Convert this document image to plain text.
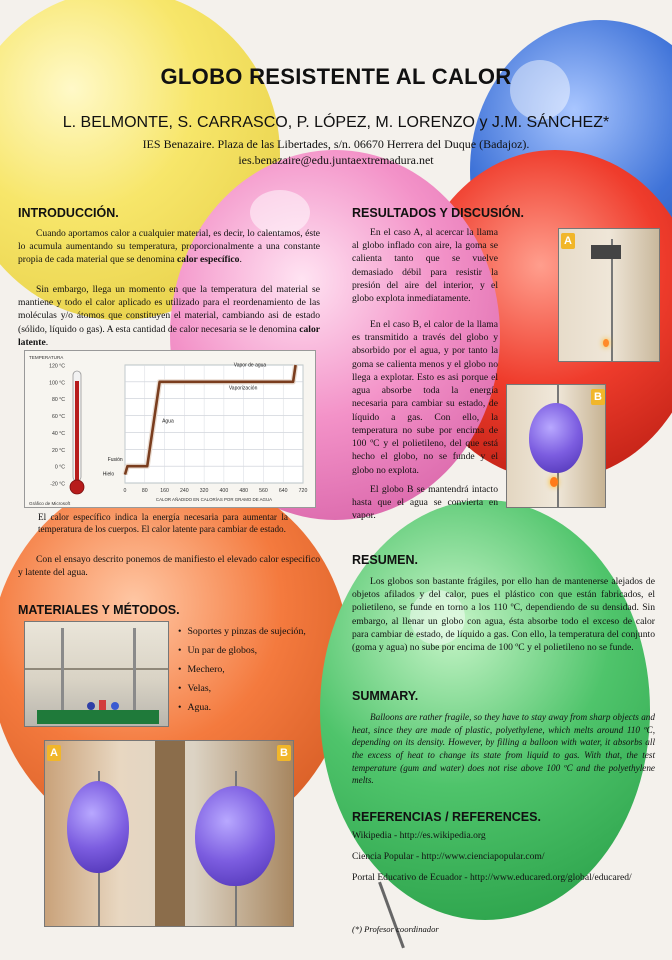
GLOBO RESISTENTE AL CALOR
L. BELMONTE, S. CARRASCO, P. LÓPEZ, M. LORENZO y J.M. SÁNCHEZ*
IES Benazaire. Plaza de las Libertades, s/n. 06670 Herrera del Duque (Badajoz).
ies.benazaire@edu.juntaextremadura.net
INTRODUCCIÓN.
Cuando aportamos calor a cualquier material, es decir, lo calentamos, éste lo acumula aumentando su temperatura, proporcionalmente a una constante propia de cada material que se denomina calor específico.
Sin embargo, llega un momento en que la temperatura del material se mantiene y todo el calor aplicado es utilizado para el reordenamiento de las moléculas y/o átomos que constituyen el material, cambiando asi de estado (sólido, líquido o gas). A esta cantidad de calor necesaria se le denomina calor latente.
120 °C
100 °C
80 °C
60 °C
40 °C
20 °C
0 °C
-20 °C
0	80 160 240 320 400 480 560 640 720
TEMPERATURA
CALOR AÑADIDO EN CALORÍAS POR GRAMO DE AGUA
Gráfico de Microsoft
Vapor de agua
Vaporización
Agua
Fusión
Hielo
El calor específico indica la energía necesaria para aumentar la temperatura de los cuerpos. El calor latente para cambiar de estado.
Con el ensayo descrito ponemos de manifiesto el elevado calor especifico y latente del agua.
MATERIALES Y MÉTODOS.
• Soportes y pinzas de sujeción,
• Un par de globos,
• Mechero,
• Velas,
• Agua.
A	B
RESULTADOS Y DISCUSIÓN.
En el caso A, al acercar la llama al globo inflado con aire, la goma se calienta tanto que se vuelve demasiado débil para resistir la presión del aire del interior, y el globo explota inmediatamente.
A
En el caso B, el calor de la llama es transmitido a través del globo y absorbido por el agua, y por tanto la goma se calienta menos y el globo no llega a explotar. Esto es asi porque el agua absorbe toda la energía necesaria para cambiar su estado, de líquido a gas. Con ello, la temperatura no sube por encima de 100 ºC y el polietileno, del que está hecho el globo, no se funde y el globo no explota.
B
El globo B se mantendrá intacto hasta que el agua se convierta en vapor.
RESUMEN.
Los globos son bastante frágiles, por ello han de mantenerse alejados de objetos afilados y del calor, pues el plástico con que están fabricados, el polietileno, se funde en torno a los 110 ºC, dependiendo de su densidad. Sin embargo, al llenar un globo con agua, ésta absorbe todo el exceso de calor para cambiar de estado, de líquido a gas. Con ello, la temperatura del conjunto (goma y agua) no sube por encima de 100 ºC y el polietileno no se funde.
SUMMARY.
Balloons are rather fragile, so they have to stay away from sharp objects and heat, since they are made of plastic, polyethylene, which melts around 110 ºC, depending on its density. However, by filling a balloon with water, it absorbs all the excess of heat to change its state from liquid to gas. With that, the test temperature (gum and water) does not rise above 100 ºC and the polyethylene melts.
REFERENCIAS / REFERENCES.
Wikipedia - http://es.wikipedia.org
Ciencia Popular - http://www.cienciapopular.com/
Portal Educativo de Ecuador - http://www.educared.org/global/educared/
(*) Profesor coordinador
